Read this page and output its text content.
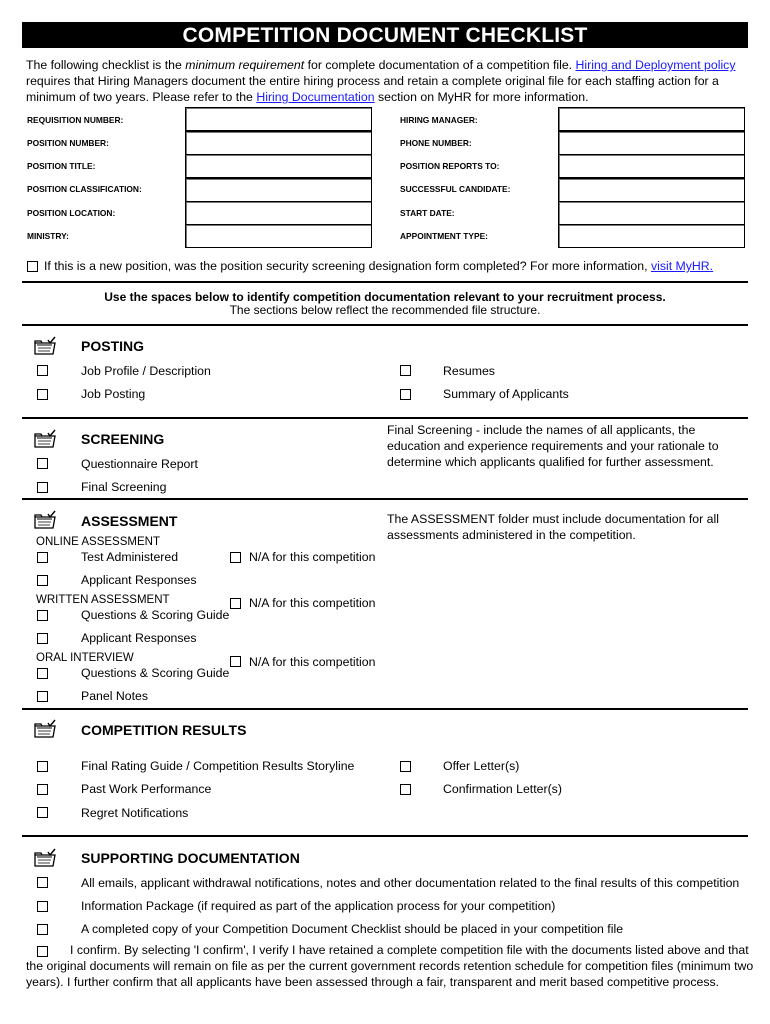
COMPETITION DOCUMENT CHECKLIST
The following checklist is the minimum requirement for complete documentation of a competition file. Hiring and Deployment policy requires that Hiring Managers document the entire hiring process and retain a complete original file for each staffing action for a minimum of two years. Please refer to the Hiring Documentation section on MyHR for more information.
REQUISITION NUMBER:
POSITION NUMBER:
POSITION TITLE:
POSITION CLASSIFICATION:
POSITION LOCATION:
MINISTRY:
HIRING MANAGER:
PHONE NUMBER:
POSITION REPORTS TO:
SUCCESSFUL CANDIDATE:
START DATE:
APPOINTMENT TYPE:
If this is a new position, was the position security screening designation form completed? For more information, visit MyHR.
Use the spaces below to identify competition documentation relevant to your recruitment process.
The sections below reflect the recommended file structure.
POSTING
Job Profile / Description
Job Posting
Resumes
Summary of Applicants
SCREENING
Questionnaire Report
Final Screening
Final Screening - include the names of all applicants, the education and experience requirements and your rationale to determine which applicants qualified for further assessment.
ASSESSMENT	The ASSESSMENT folder must include documentation for all assessments administered in the competition.
ONLINE ASSESSMENT
Test Administered	N/A for this competition
Applicant Responses
WRITTEN ASSESSMENT	N/A for this competition
Questions & Scoring Guide
Applicant Responses
ORAL INTERVIEW	N/A for this competition
Questions & Scoring Guide
Panel Notes
COMPETITION RESULTS
Final Rating Guide / Competition Results Storyline
Past Work Performance
Regret Notifications
Offer Letter(s)
Confirmation Letter(s)
SUPPORTING DOCUMENTATION
All emails, applicant withdrawal notifications, notes and other documentation related to the final results of this competition
Information Package (if required as part of the application process for your competition)
A completed copy of your Competition Document Checklist should be placed in your competition file
I confirm. By selecting 'I confirm', I verify I have retained a complete competition file with the documents listed above and that
the original documents will remain on file as per the current government records retention schedule for competition files (minimum two
years). I further confirm that all applicants have been assessed through a fair, transparent and merit based competitive process.
